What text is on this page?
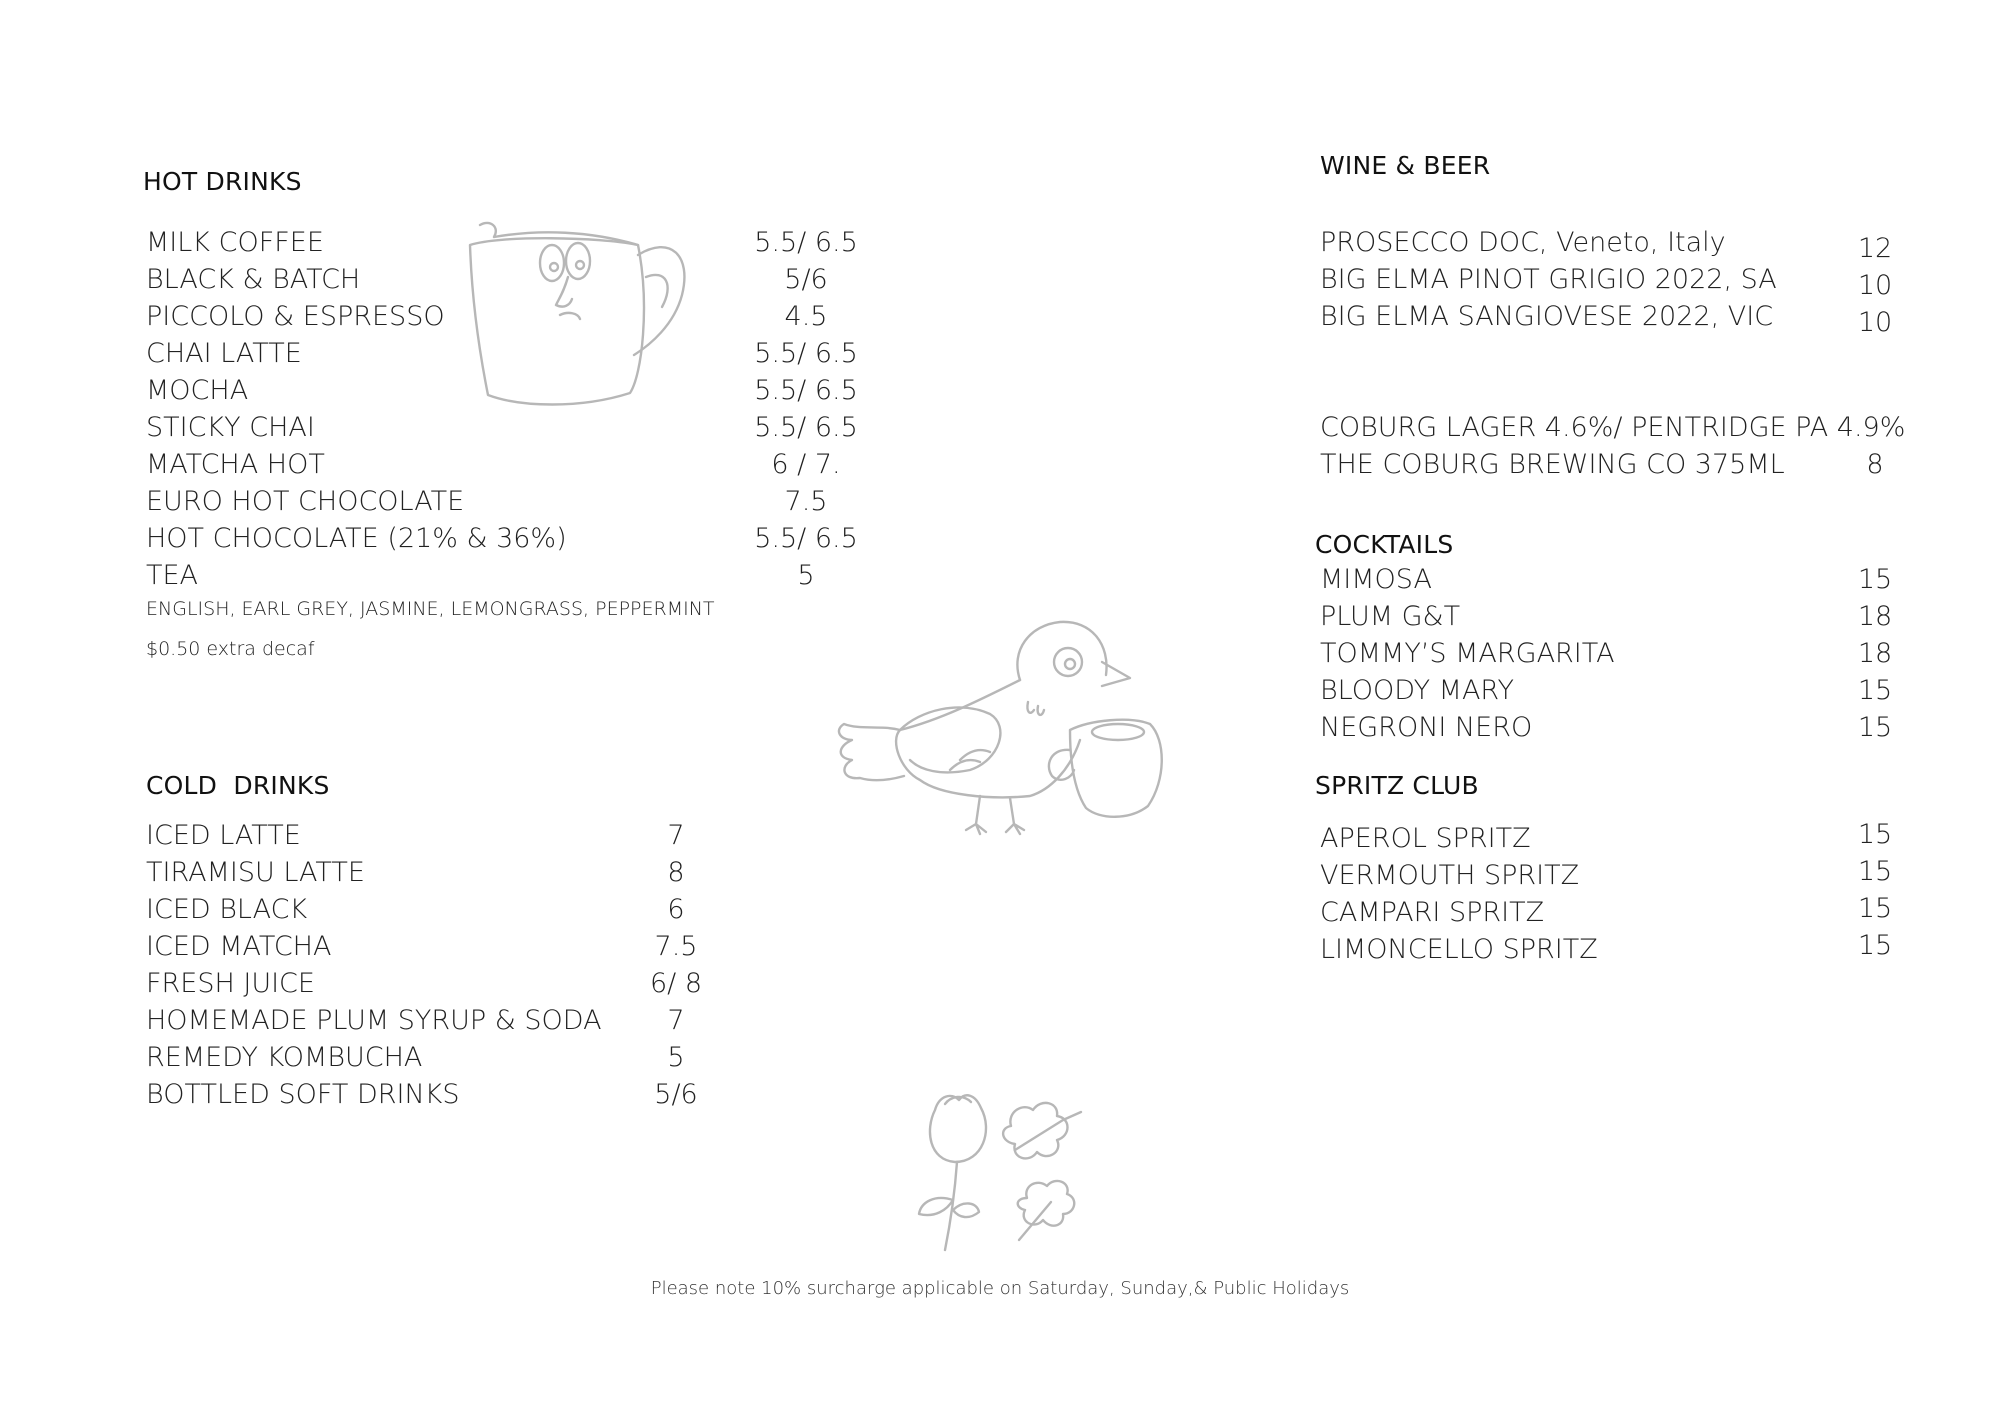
HOT DRINKS
MILK COFFEE	5.5/ 6.5
BLACK & BATCH	5/6
PICCOLO & ESPRESSO	4.5
CHAI LATTE	5.5/ 6.5
MOCHA	5.5/ 6.5
STICKY CHAI	5.5/ 6.5
MATCHA HOT	6 / 7.
EURO HOT CHOCOLATE	7.5
HOT CHOCOLATE (21% & 36%)	5.5/ 6.5
TEA	5
ENGLISH, EARL GREY, JASMINE, LEMONGRASS, PEPPERMINT
$0.50 extra decaf
COLD  DRINKS
ICED LATTE	7
TIRAMISU LATTE	8
ICED BLACK	6
ICED MATCHA	7.5
FRESH JUICE	6/ 8
HOMEMADE PLUM SYRUP & SODA	7
REMEDY KOMBUCHA	5
BOTTLED SOFT DRINKS	5/6
WINE & BEER
PROSECCO DOC, Veneto, Italy	12
BIG ELMA PINOT GRIGIO 2022, SA	10
BIG ELMA SANGIOVESE 2022, VIC	10
COBURG LAGER 4.6%/ PENTRIDGE PA 4.9%
THE COBURG BREWING CO 375ML	8
COCKTAILS
MIMOSA	15
PLUM G&T	18
TOMMY’S MARGARITA	18
BLOODY MARY	15
NEGRONI NERO	15
SPRITZ CLUB
APEROL SPRITZ	15
VERMOUTH SPRITZ	15
CAMPARI SPRITZ	15
LIMONCELLO SPRITZ	15
Please note 10% surcharge applicable on Saturday, Sunday,& Public Holidays
